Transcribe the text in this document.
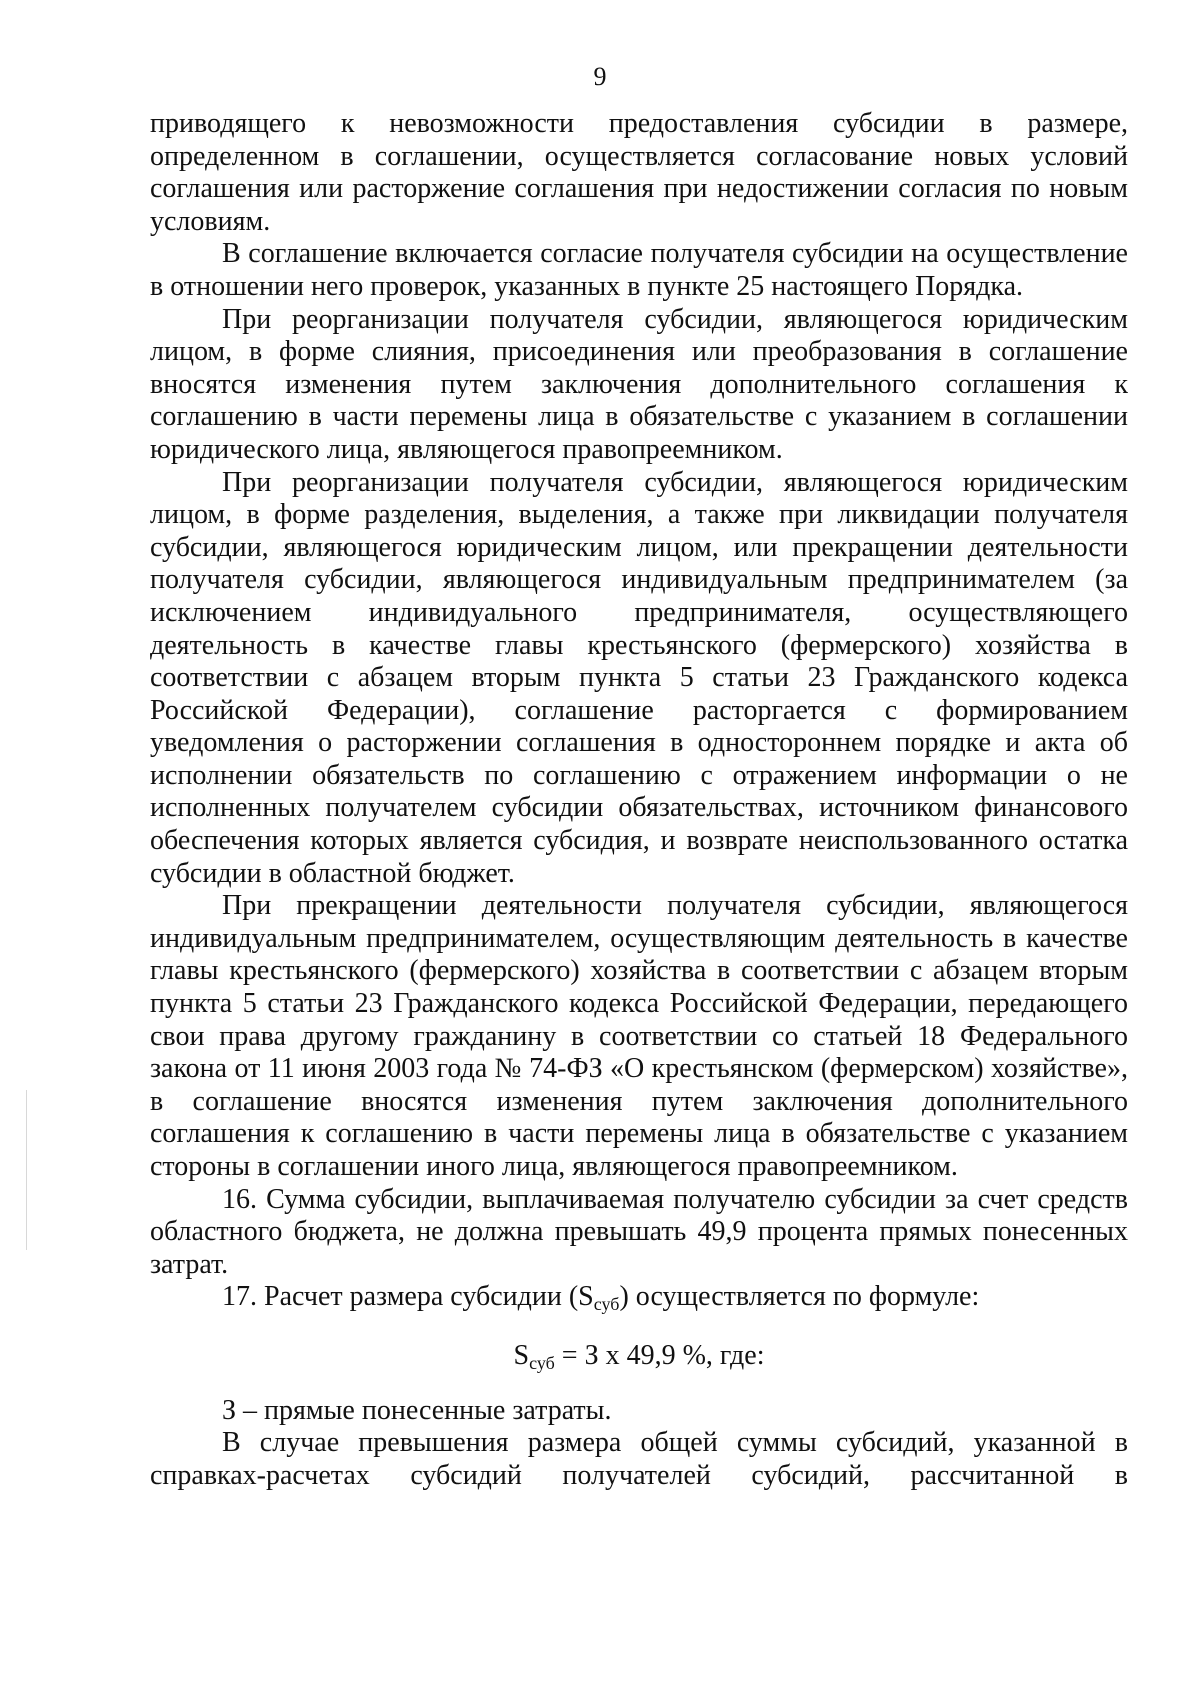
9

приводящего к невозможности предоставления субсидии в размере, определенном в соглашении, осуществляется согласование новых условий соглашения или расторжение соглашения при недостижении согласия по новым условиям.

В соглашение включается согласие получателя субсидии на осуществление в отношении него проверок, указанных в пункте 25 настоящего Порядка.

При реорганизации получателя субсидии, являющегося юридическим лицом, в форме слияния, присоединения или преобразования в соглашение вносятся изменения путем заключения дополнительного соглашения к соглашению в части перемены лица в обязательстве с указанием в соглашении юридического лица, являющегося правопреемником.

При реорганизации получателя субсидии, являющегося юридическим лицом, в форме разделения, выделения, а также при ликвидации получателя субсидии, являющегося юридическим лицом, или прекращении деятельности получателя субсидии, являющегося индивидуальным предпринимателем (за исключением индивидуального предпринимателя, осуществляющего деятельность в качестве главы крестьянского (фермерского) хозяйства в соответствии с абзацем вторым пункта 5 статьи 23 Гражданского кодекса Российской Федерации), соглашение расторгается с формированием уведомления о расторжении соглашения в одностороннем порядке и акта об исполнении обязательств по соглашению с отражением информации о не исполненных получателем субсидии обязательствах, источником финансового обеспечения которых является субсидия, и возврате неиспользованного остатка субсидии в областной бюджет.

При прекращении деятельности получателя субсидии, являющегося индивидуальным предпринимателем, осуществляющим деятельность в качестве главы крестьянского (фермерского) хозяйства в соответствии с абзацем вторым пункта 5 статьи 23 Гражданского кодекса Российской Федерации, передающего свои права другому гражданину в соответствии со статьей 18 Федерального закона от 11 июня 2003 года № 74-ФЗ «О крестьянском (фермерском) хозяйстве», в соглашение вносятся изменения путем заключения дополнительного соглашения к соглашению в части перемены лица в обязательстве с указанием стороны в соглашении иного лица, являющегося правопреемником.

16. Сумма субсидии, выплачиваемая получателю субсидии за счет средств областного бюджета, не должна превышать 49,9 процента прямых понесенных затрат.

17. Расчет размера субсидии (Sсуб) осуществляется по формуле:

$S_{суб} = З$ х 49,9 %, где:

З – прямые понесенные затраты.

В случае превышения размера общей суммы субсидий, указанной в справках-расчетах субсидий получателей субсидий, рассчитанной в
